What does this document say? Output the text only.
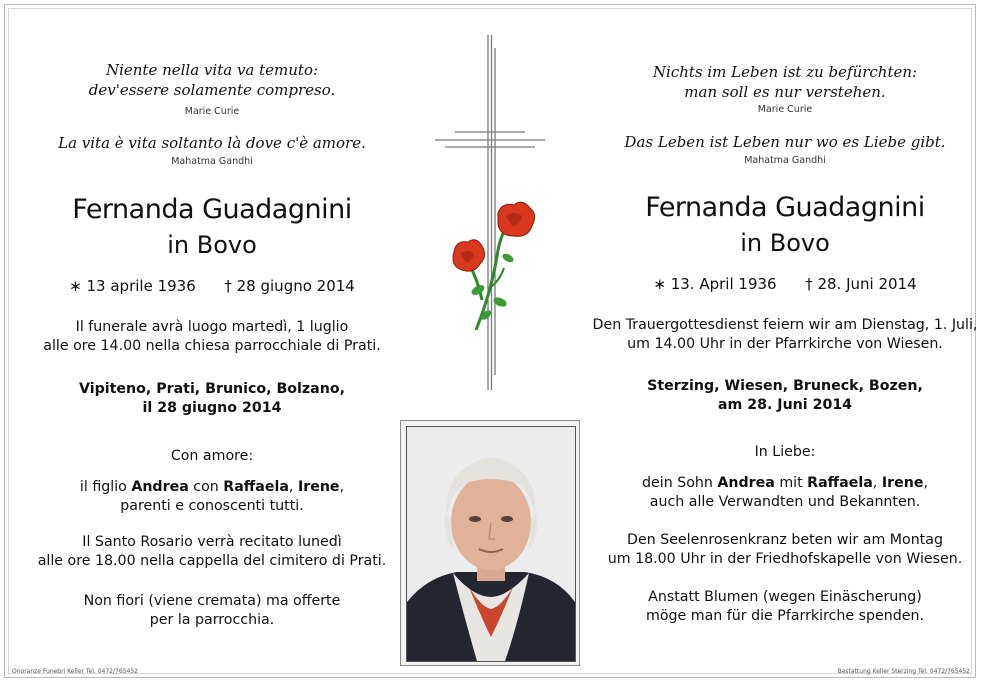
Niente nella vita va temuto:
dev'essere solamente compreso.
Marie Curie
La vita è vita soltanto là dove c'è amore.
Mahatma Gandhi
Fernanda Guadagnini
in Bovo
∗ 13 aprile 1936 † 28 giugno 2014
Il funerale avrà luogo martedì, 1 luglio
alle ore 14.00 nella chiesa parrocchiale di Prati.
Vipiteno, Prati, Brunico, Bolzano,
il 28 giugno 2014
Con amore:
il figlio Andrea con Raffaela, Irene,
parenti e conoscenti tutti.
Il Santo Rosario verrà recitato lunedì
alle ore 18.00 nella cappella del cimitero di Prati.
Non fiori (viene cremata) ma offerte
per la parrocchia.
Nichts im Leben ist zu befürchten:
man soll es nur verstehen.
Marie Curie
Das Leben ist Leben nur wo es Liebe gibt.
Mahatma Gandhi
Fernanda Guadagnini
in Bovo
∗ 13. April 1936 † 28. Juni 2014
Den Trauergottesdienst feiern wir am Dienstag, 1. Juli,
um 14.00 Uhr in der Pfarrkirche von Wiesen.
Sterzing, Wiesen, Bruneck, Bozen,
am 28. Juni 2014
In Liebe:
dein Sohn Andrea mit Raffaela, Irene,
auch alle Verwandten und Bekannten.
Den Seelenrosenkranz beten wir am Montag
um 18.00 Uhr in der Friedhofskapelle von Wiesen.
Anstatt Blumen (wegen Einäscherung)
möge man für die Pfarrkirche spenden.
Onoranze Funebri Keller Tel. 0472/765452	Bestattung Keller Sterzing Tel. 0472/765452
